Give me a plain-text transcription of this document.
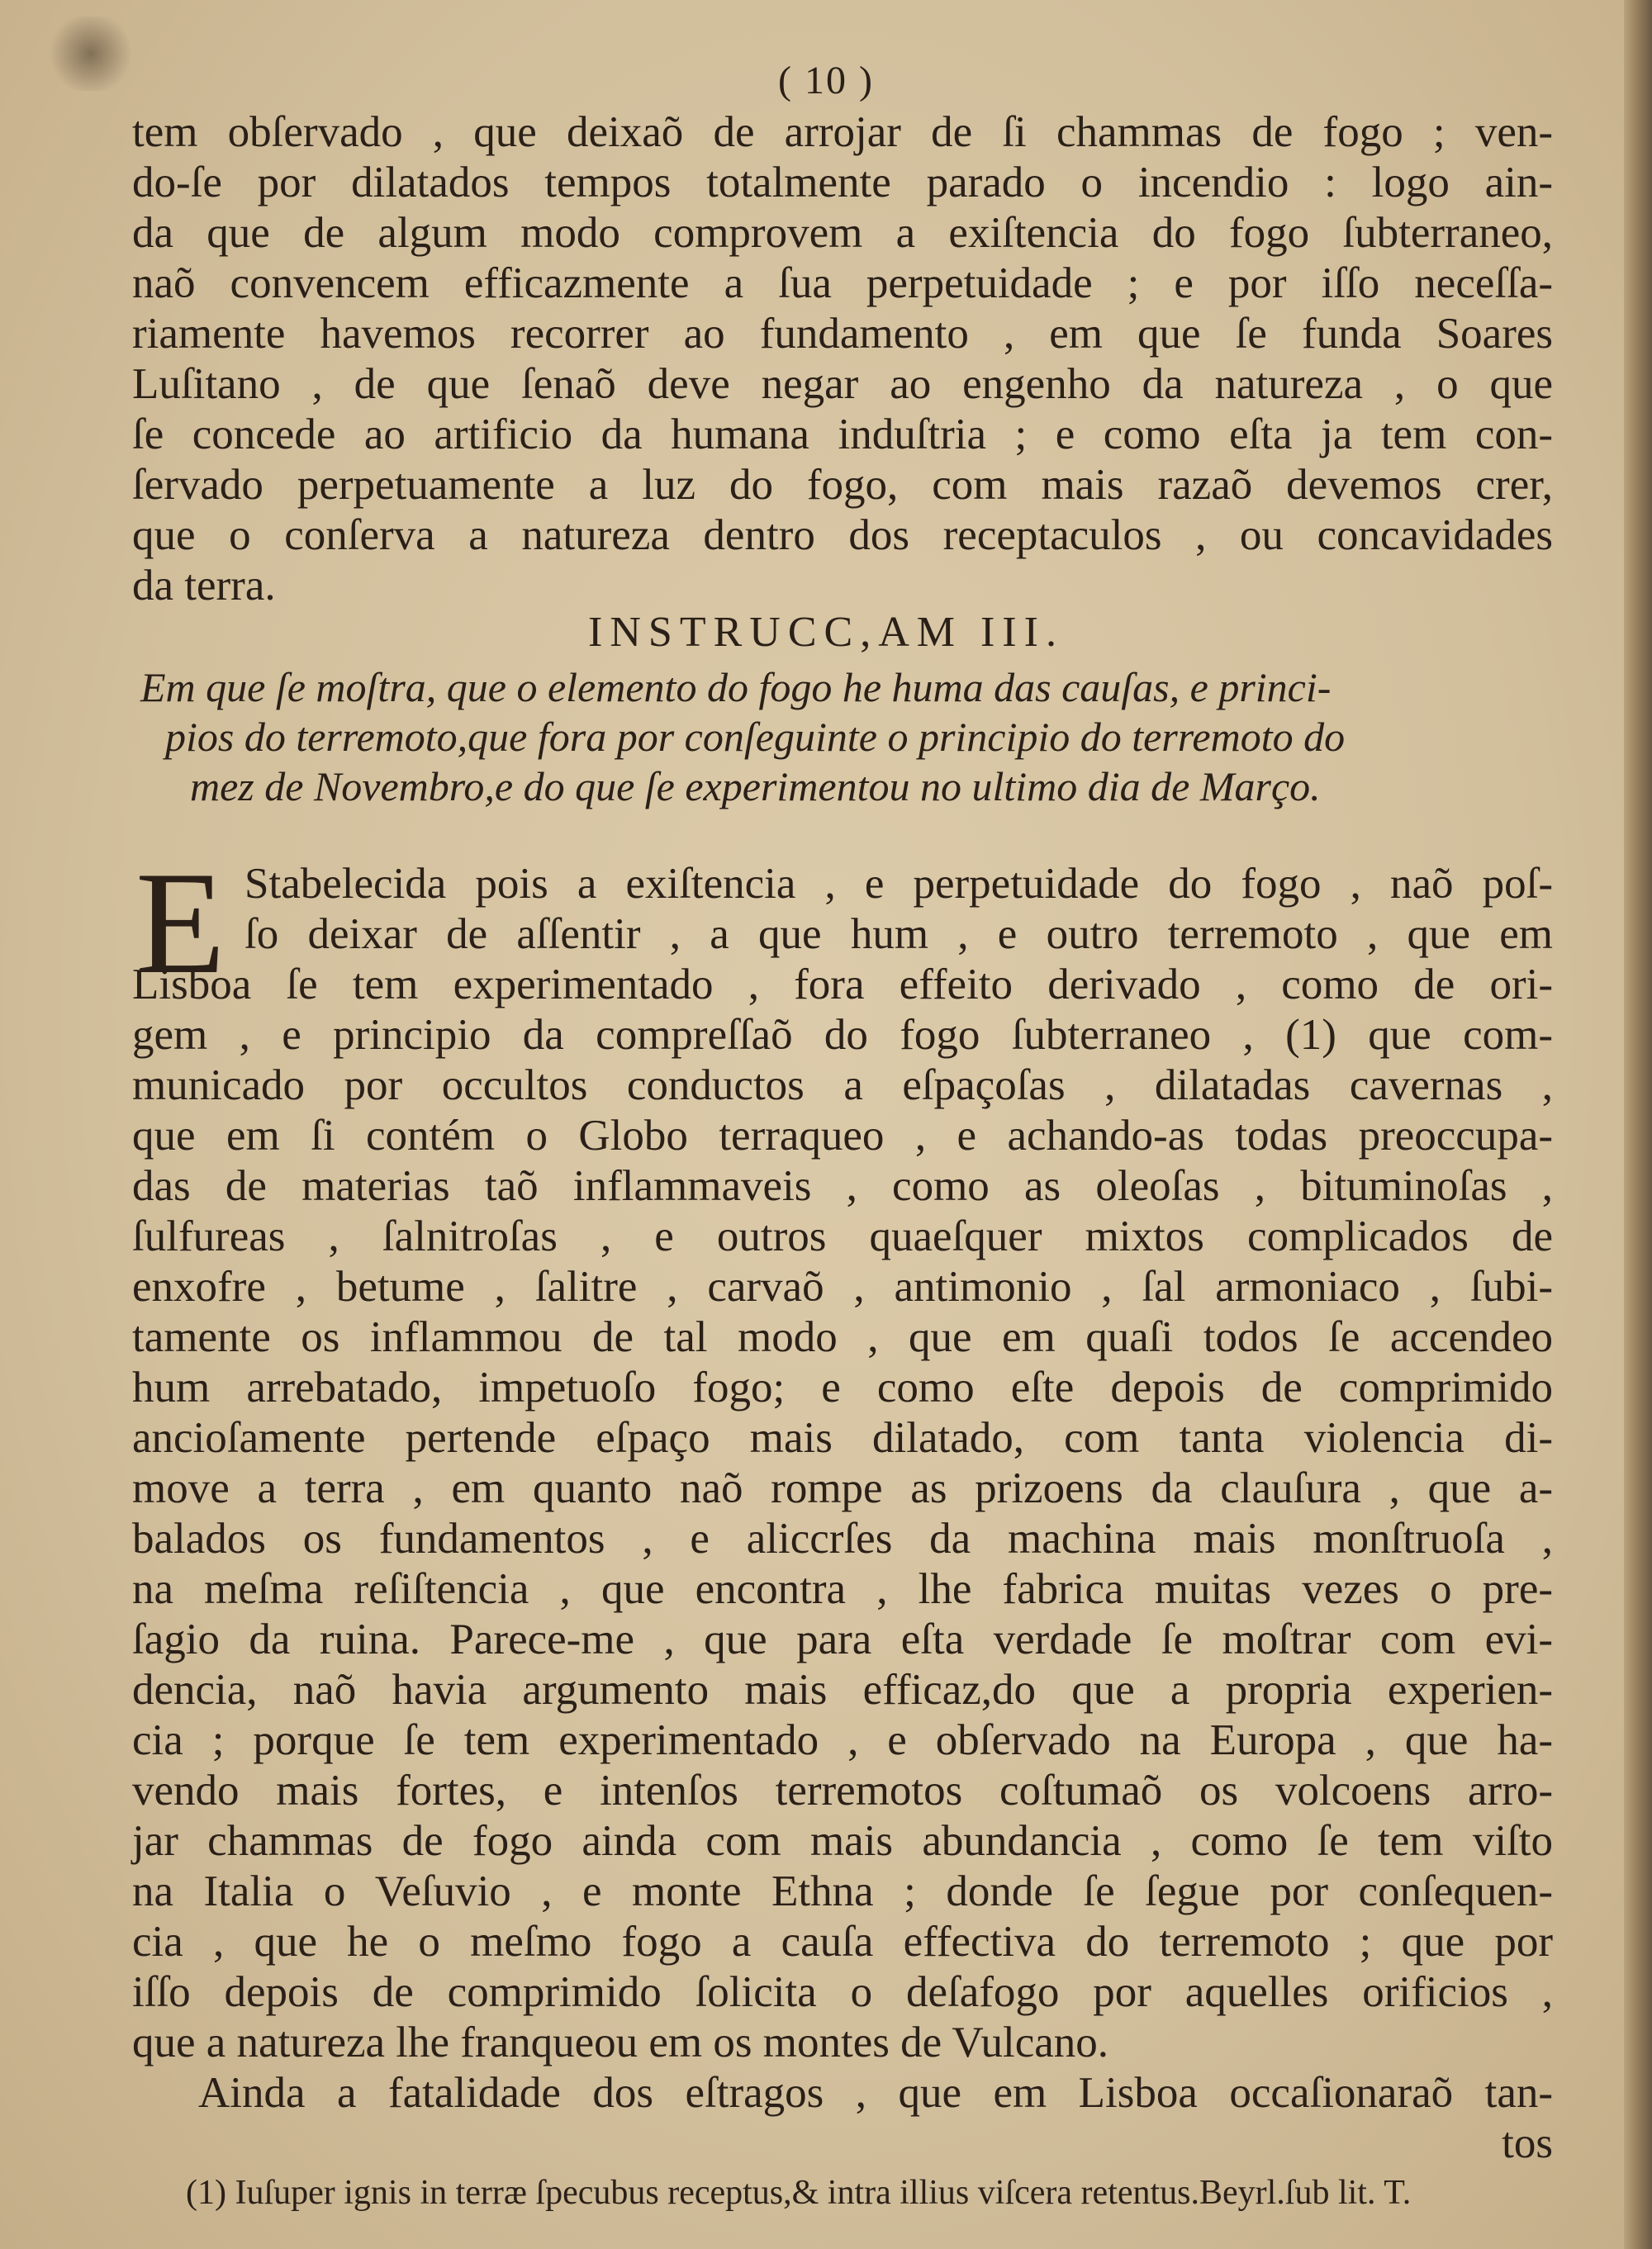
( 10 )
tem obſervado , que deixaõ de arrojar de ſi chammas de fogo ; ven-
do-ſe por dilatados tempos totalmente parado o incendio : logo ain-
da que de algum modo comprovem a exiſtencia do fogo ſubterraneo,
naõ convencem efficazmente a ſua perpetuidade ; e por iſſo neceſſa-
riamente havemos recorrer ao fundamento , em que ſe funda Soares
Luſitano , de que ſenaõ deve negar ao engenho da natureza , o que
ſe concede ao artificio da humana induſtria ; e como eſta ja tem con-
ſervado perpetuamente a luz do fogo, com mais razaõ devemos crer,
que o conſerva a natureza dentro dos receptaculos , ou concavidades
da terra.
INSTRUCC,AM III.
Em que ſe moſtra, que o elemento do fogo he huma das cauſas, e princi-
pios do terremoto,que fora por conſeguinte o principio do terremoto do
mez de Novembro,e do que ſe experimentou no ultimo dia de Março.
E Stabelecida pois a exiſtencia , e perpetuidade do fogo , naõ poſ-
ſo deixar de aſſentir , a que hum , e outro terremoto , que em
Lisboa ſe tem experimentado , fora effeito derivado , como de ori-
gem , e principio da compreſſaõ do fogo ſubterraneo , (1) que com-
municado por occultos conductos a eſpaçoſas , dilatadas cavernas ,
que em ſi contém o Globo terraqueo , e achando-as todas preoccupa-
das de materias taõ inflammaveis , como as oleoſas , bituminoſas ,
ſulfureas , ſalnitroſas , e outros quaeſquer mixtos complicados de
enxofre , betume , ſalitre , carvaõ , antimonio , ſal armoniaco , ſubi-
tamente os inflammou de tal modo , que em quaſi todos ſe accendeo
hum arrebatado, impetuoſo fogo; e como eſte depois de comprimido
ancioſamente pertende eſpaço mais dilatado, com tanta violencia di-
move a terra , em quanto naõ rompe as prizoens da clauſura , que a-
balados os fundamentos , e aliccrſes da machina mais monſtruoſa ,
na meſma reſiſtencia , que encontra , lhe fabrica muitas vezes o pre-
ſagio da ruina. Parece-me , que para eſta verdade ſe moſtrar com evi-
dencia, naõ havia argumento mais efficaz,do que a propria experien-
cia ; porque ſe tem experimentado , e obſervado na Europa , que ha-
vendo mais fortes, e intenſos terremotos coſtumaõ os volcoens arro-
jar chammas de fogo ainda com mais abundancia , como ſe tem viſto
na Italia o Veſuvio , e monte Ethna ; donde ſe ſegue por conſequen-
cia , que he o meſmo fogo a cauſa effectiva do terremoto ; que por
iſſo depois de comprimido ſolicita o deſafogo por aquelles orificios ,
que a natureza lhe franqueou em os montes de Vulcano.
Ainda a fatalidade dos eſtragos , que em Lisboa occaſionaraõ tan-
tos
(1) Iuſuper ignis in terræ ſpecubus receptus,& intra illius viſcera retentus.Beyrl.ſub lit. T.
